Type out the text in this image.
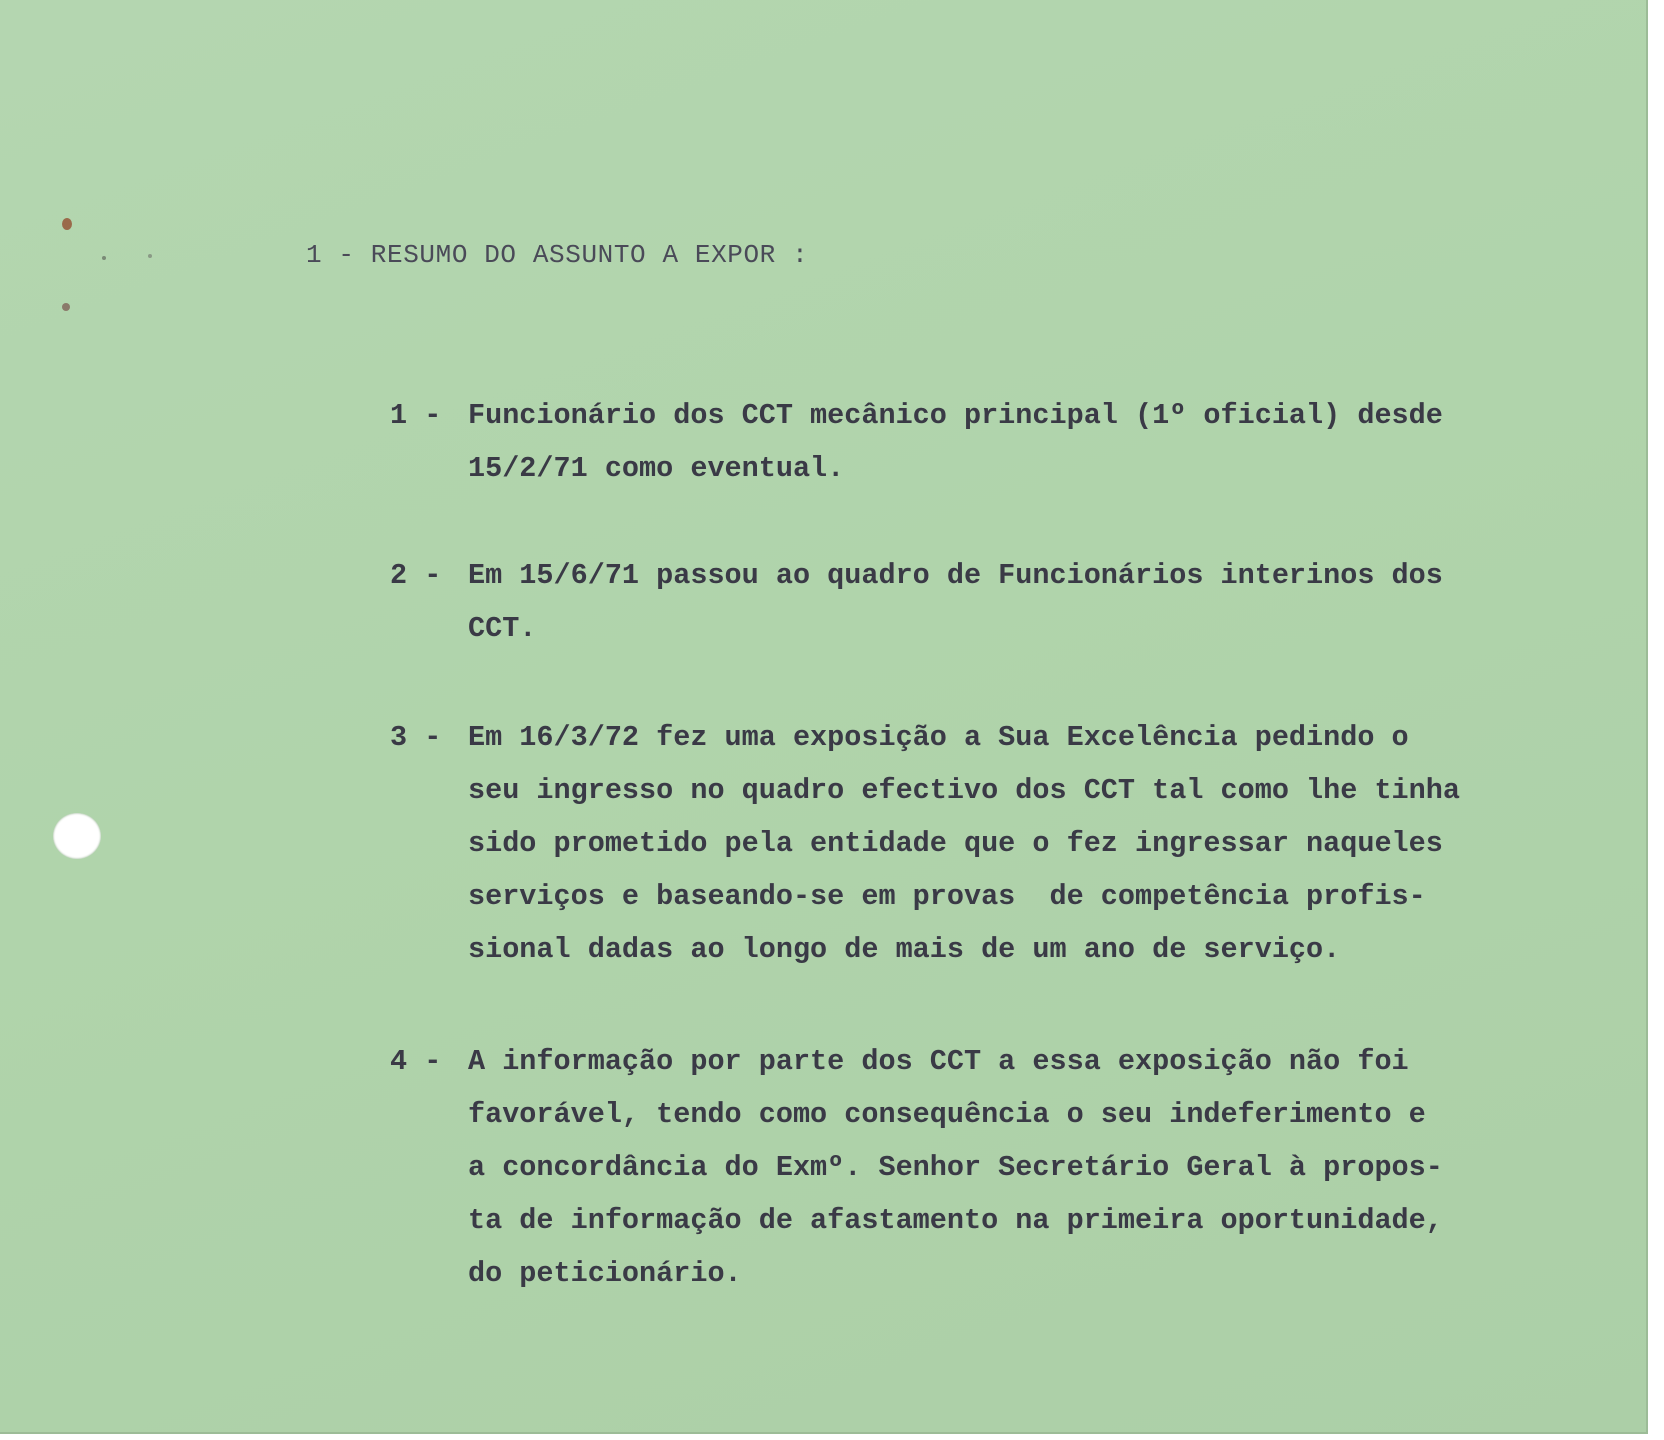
1 - RESUMO DO ASSUNTO A EXPOR :
1 - Funcionário dos CCT mecânico principal (1º oficial) desde
15/2/71 como eventual.
2 - Em 15/6/71 passou ao quadro de Funcionários interinos dos
CCT.
3 - Em 16/3/72 fez uma exposição a Sua Excelência pedindo o
seu ingresso no quadro efectivo dos CCT tal como lhe tinha
sido prometido pela entidade que o fez ingressar naqueles
serviços e baseando-se em provas  de competência profis-
sional dadas ao longo de mais de um ano de serviço.
4 - A informação por parte dos CCT a essa exposição não foi
favorável, tendo como consequência o seu indeferimento e
a concordância do Exmº. Senhor Secretário Geral à propos-
ta de informação de afastamento na primeira oportunidade,
do peticionário.
